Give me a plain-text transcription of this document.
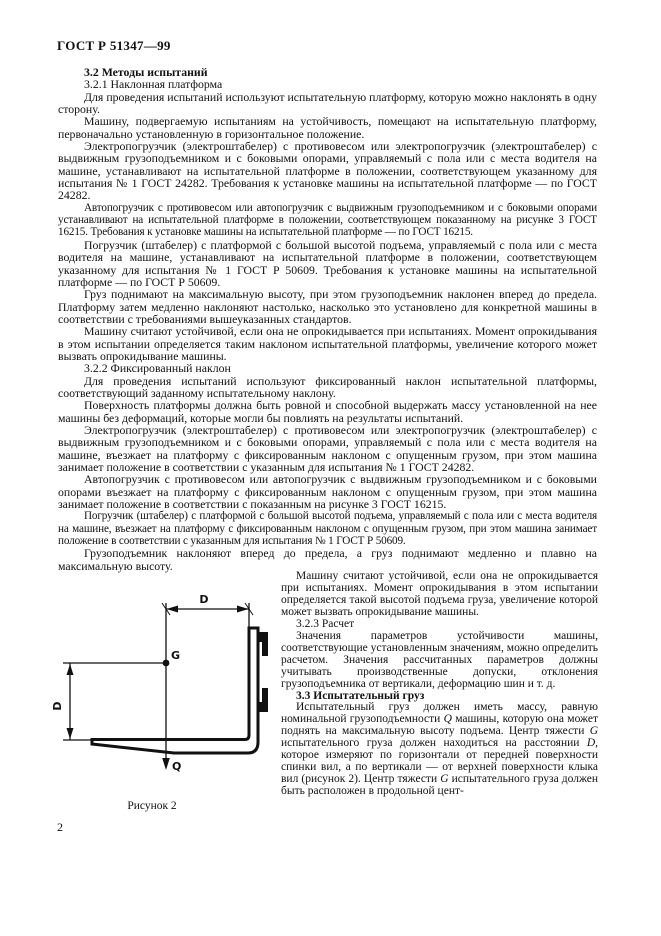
ГОСТ Р 51347—99

3.2 Методы испытаний

3.2.1 Наклонная платформа

Для проведения испытаний используют испытательную платформу, которую можно наклонять в одну сторону.

Машину, подвергаемую испытаниям на устойчивость, помещают на испытательную платформу, первоначально установленную в горизонтальное положение.

Электропогрузчик (электроштабелер) с противовесом или электропогрузчик (электроштабелер) с выдвижным грузоподъемником и с боковыми опорами, управляемый с пола или с места водителя на машине, устанавливают на испытательной платформе в положении, соответствующем указанному для испытания № 1 ГОСТ 24282. Требования к установке машины на испытательной платформе — по ГОСТ 24282.

Автопогрузчик с противовесом или автопогрузчик с выдвижным грузоподъемником и с боковыми опорами устанавливают на испытательной платформе в положении, соответствующем показанному на рисунке 3 ГОСТ 16215. Требования к установке машины на испытательной платформе — по ГОСТ 16215.

Погрузчик (штабелер) с платформой с большой высотой подъема, управляемый с пола или с места водителя на машине, устанавливают на испытательной платформе в положении, соответствующем указанному для испытания № 1 ГОСТ Р 50609. Требования к установке машины на испытательной платформе — по ГОСТ Р 50609.

Груз поднимают на максимальную высоту, при этом грузоподъемник наклонен вперед до предела. Платформу затем медленно наклоняют настолько, насколько это установлено для конкретной машины в соответствии с требованиями вышеуказанных стандартов.

Машину считают устойчивой, если она не опрокидывается при испытаниях. Момент опрокидывания в этом испытании определяется таким наклоном испытательной платформы, увеличение которого может вызвать опрокидывание машины.

3.2.2 Фиксированный наклон

Для проведения испытаний используют фиксированный наклон испытательной платформы, соответствующий заданному испытательному наклону.

Поверхность платформы должна быть ровной и способной выдержать массу установленной на нее машины без деформаций, которые могли бы повлиять на результаты испытаний.

Электропогрузчик (электроштабелер) с противовесом или электропогрузчик (электроштабелер) с выдвижным грузоподъемником и с боковыми опорами, управляемый с пола или с места водителя на машине, въезжает на платформу с фиксированным наклоном с опущенным грузом, при этом машина занимает положение в соответствии с указанным для испытания № 1 ГОСТ 24282.

Автопогрузчик с противовесом или автопогрузчик с выдвижным грузоподъемником и с боковыми опорами въезжает на платформу с фиксированным наклоном с опущенным грузом, при этом машина занимает положение в соответствии с показанным на рисунке 3 ГОСТ 16215.

Погрузчик (штабелер) с платформой с большой высотой подъема, управляемый с пола или с места водителя на машине, въезжает на платформу с фиксированным наклоном с опущенным грузом, при этом машина занимает положение в соответствии с указанным для испытания № 1 ГОСТ Р 50609.

Грузоподъемник наклоняют вперед до предела, а груз поднимают медленно и плавно на максимальную высоту.

D
G
D
Q

Машину считают устойчивой, если она не опрокидывается при испытаниях. Момент опрокидывания в этом испытании определяется такой высотой подъема груза, увеличение которой может вызвать опрокидывание машины.

3.2.3 Расчет

Значения параметров устойчивости машины, соответствующие установленным значениям, можно определить расчетом. Значения рассчитанных параметров должны учитывать производственные допуски, отклонения грузоподъемника от вертикали, деформацию шин и т. д.

3.3 Испытательный груз

Испытательный груз должен иметь массу, равную номинальной грузоподъемности Q машины, которую она может поднять на максимальную высоту подъема. Центр тяжести G испытательного груза должен находиться на расстоянии D, которое измеряют по горизонтали от передней поверхности спинки вил, а по вертикали — от верхней поверхности клыка вил (рисунок 2). Центр тяжести G испытательного груза должен быть расположен в продольной цент-

Рисунок 2
2
